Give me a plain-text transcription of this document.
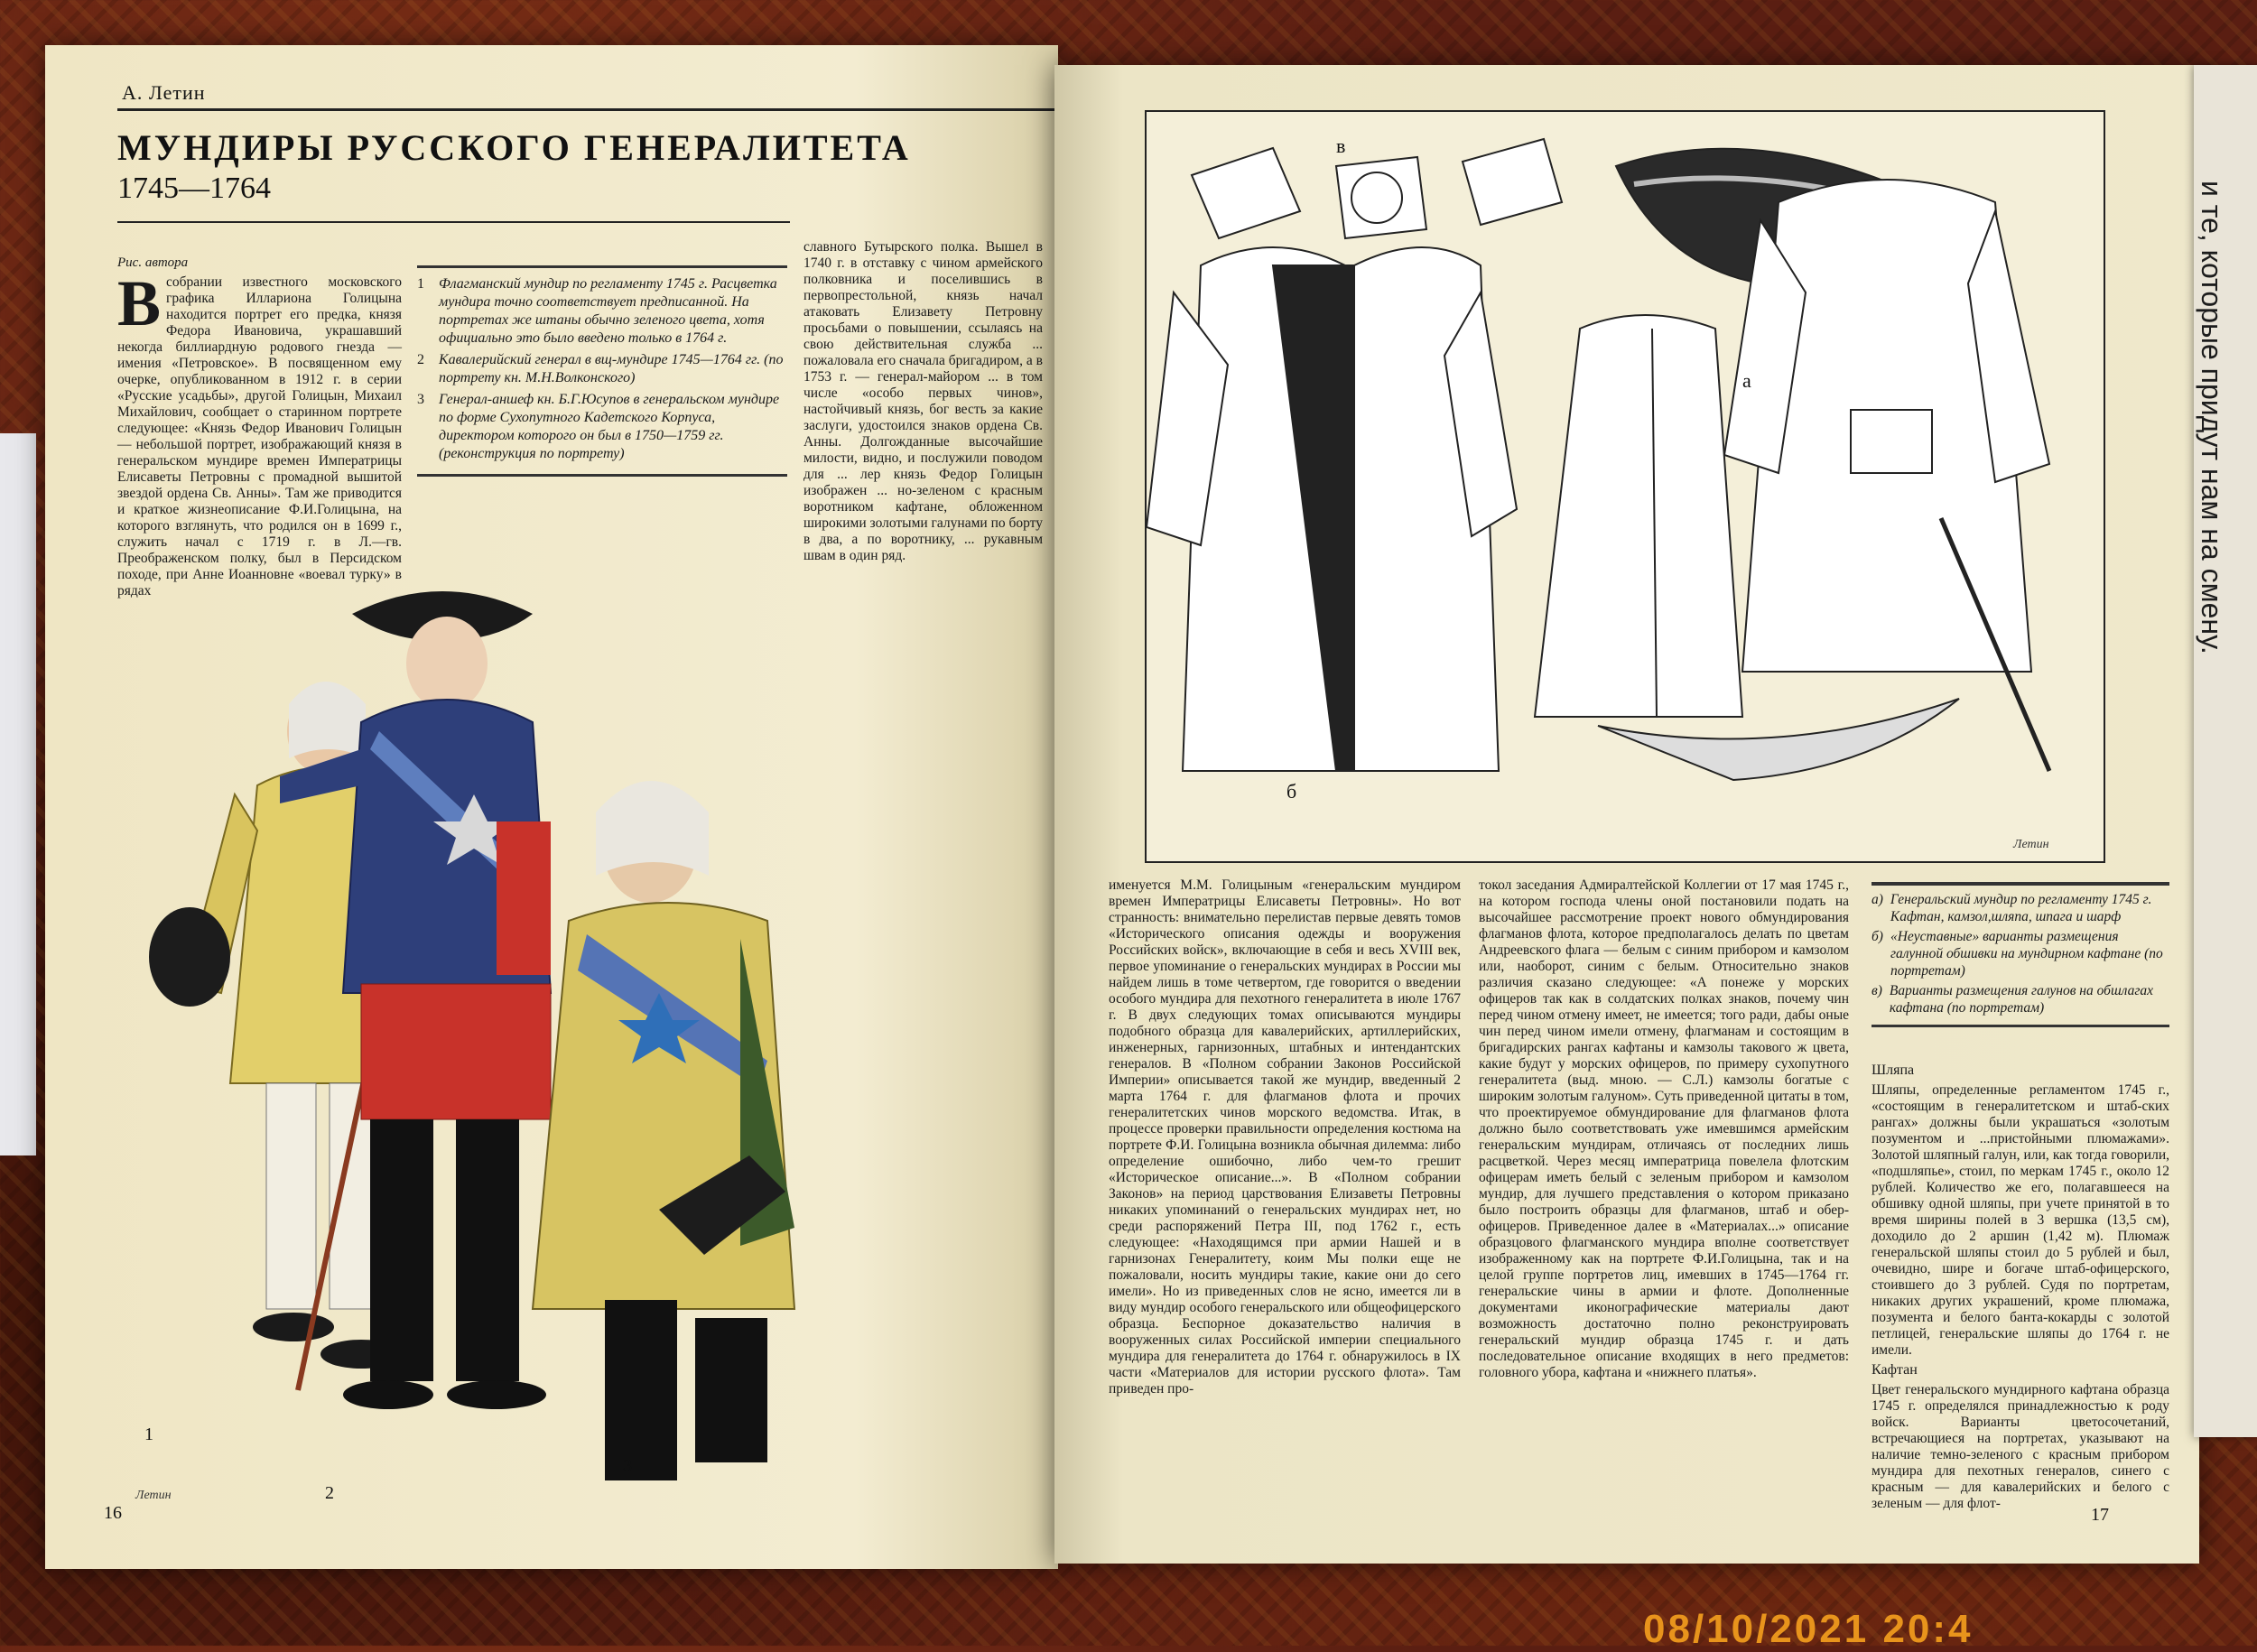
А. Летин
МУНДИРЫ РУССКОГО ГЕНЕРАЛИТЕТА
1745—1764

Рис. автора

Всобрании известного московского графика Иллариона Голицына находится портрет его предка, князя Федора Ивановича, украшавший некогда биллиардную родового гнезда — имения «Петровское». В посвященном ему очерке, опубликованном в 1912 г. в серии «Русские усадьбы», другой Голицын, Михаил Михайлович, сообщает о старинном портрете следующее: «Князь Федор Иванович Голицын — небольшой портрет, изображающий князя в генеральском мундире времен Императрицы Елисаветы Петровны с промадной вышитой звездой ордена Св. Анны». Там же приводится и краткое жизнеописание Ф.И.Голицына, на которого взглянуть, что родился он в 1699 г., служить начал с 1719 г. в Л.—гв. Преображенском полку, был в Персидском походе, при Анне Иоанновне «воевал турку» в рядах

1	Флагманский мундир по регламенту 1745 г. Расцветка мундира точно соответствует предписанной. На портретах же штаны обычно зеленого цвета, хотя официально это было введено только в 1764 г.
2	Кавалерийский генерал в вщ-мундире 1745—1764 гг. (по портрету кн. М.Н.Волконского)
3	Генерал-аншеф кн. Б.Г.Юсупов в генеральском мундире по форме Сухопутного Кадетского Корпуса, директором которого он был в 1750—1759 гг. (реконструкция по портрету)

славного Бутырского полка. Вышел в 1740 г. в отставку с чином армейского полковника и поселившись в первопрестольной, князь начал атаковать Елизавету Петровну просьбами о повышении, ссылаясь на свою действительная служба ... пожаловала его сначала бригадиром, а в 1753 г. — генерал-майором ... в том числе «особо первых чинов», настойчивый князь, бог весть за какие заслуги, удостоился знаков ордена Св. Анны. Долгожданные высочайшие милости, видно, и послужили поводом для ... лер князь Федор Голицын изображен ... но-зеленом с красным воротником кафтане, обложенном широкими золотыми галунами по борту в два, а по воротнику, ... рукавным швам в один ряд.

1
2
3
Летин
16
в
б
а
Летин

именуется М.М. Голицыным «генеральским мундиром времен Императрицы Елисаветы Петровны». Но вот странность: внимательно перелистав первые девять томов «Исторического описания одежды и вооружения Российских войск», включающие в себя и весь XVIII век, первое упоминание о генеральских мундирах в России мы найдем лишь в томе четвертом, где говорится о введении особого мундира для пехотного генералитета в июле 1767 г. В двух следующих томах описываются мундиры подобного образца для кавалерийских, артиллерийских, инженерных, гарнизонных, штабных и интендантских генералов. В «Полном собрании Законов Российской Империи» описывается такой же мундир, введенный 2 марта 1764 г. для флагманов флота и прочих генералитетских чинов морского ведомства. Итак, в процессе проверки правильности определения костюма на портрете Ф.И. Голицына возникла обычная дилемма: либо определение ошибочно, либо чем-то грешит «Историческое описание...». В «Полном собрании Законов» на период царствования Елизаветы Петровны никаких упоминаний о генеральских мундирах нет, но среди распоряжений Петра III, под 1762 г., есть следующее: «Находящимся при армии Нашей и в гарнизонах Генералитету, коим Мы полки еще не пожаловали, носить мундиры такие, какие они до сего имели». Но из приведенных слов не ясно, имеется ли в виду мундир особого генеральского или общеофицерского образца. Беспорное доказательство наличия в вооруженных силах Российской империи специального мундира для генералитета до 1764 г. обнаружилось в IX части «Материалов для истории русского флота». Там приведен про-

токол заседания Адмиралтейской Коллегии от 17 мая 1745 г., на котором господа члены оной постановили подать на высочайшее рассмотрение проект нового обмундирования флагманов флота, которое предполагалось делать по цветам Андреевского флага — белым с синим прибором и камзолом или, наоборот, синим с белым. Относительно знаков различия сказано следующее: «А понеже у морских офицеров так как в солдатских полках знаков, почему чин перед чином отмену имеет, не имеется; того ради, дабы оные чин перед чином имели отмену, флагманам и состоящим в бригадирских рангах кафтаны и камзолы такового ж цвета, какие будут у морских офицеров, по примеру сухопутного генералитета (выд. мною. — С.Л.) камзолы богатые с широким золотым галуном». Суть приведенной цитаты в том, что проектируемое обмундирование для флагманов флота должно было соответствовать уже имевшимся армейским генеральским мундирам, отличаясь от последних лишь расцветкой. Через месяц императрица повелела флотским офицерам иметь белый с зеленым прибором и камзолом мундир, для лучшего представления о котором приказано было построить образцы для флагманов, штаб и обер-офицеров. Приведенное далее в «Материалах...» описание образцового флагманского мундира вполне соответствует изображенному как на портрете Ф.И.Голицына, так и на целой группе портретов лиц, имевших в 1745—1764 гг. генеральские чины в армии и флоте. Дополненные документами иконографические материалы дают возможность достаточно полно реконструировать генеральский мундир образца 1745 г. и дать последовательное описание входящих в него предметов: головного убора, кафтана и «нижнего платья».

а) Генеральский мундир по регламенту 1745 г. Кафтан, камзол,шляпа, шпага и шарф
б) «Неуставные» варианты размещения галунной обшивки на мундирном кафтане (по портретам)
в) Варианты размещения галунов на обшлагах кафтана (по портретам)

Шляпа

Шляпы, определенные регламентом 1745 г., «состоящим в генералитетском и штаб-ских рангах» должны были украшаться «золотым позументом и ...пристойными плюмажами». Золотой шляпный галун, или, как тогда говорили, «подшляпье», стоил, по меркам 1745 г., около 12 рублей. Количество же его, полагавшееся на обшивку одной шляпы, при учете принятой в то время ширины полей в 3 вершка (13,5 см), доходило до 2 аршин (1,42 м). Плюмаж генеральской шляпы стоил до 5 рублей и был, очевидно, шире и богаче штаб-офицерского, стоившего до 3 рублей. Судя по портретам, никаких других украшений, кроме плюмажа, позумента и белого банта-кокарды с золотой петлицей, генеральские шляпы до 1764 г. не имели.

Кафтан

Цвет генеральского мундирного кафтана образца 1745 г. определялся принадлежностью к роду войск. Варианты цветосочетаний, встречающиеся на портретах, указывают на наличие темно-зеленого с красным прибором мундира для пехотных генералов, синего с красным — для кавалерийских и белого с зеленым — для флот-

17
и те, которые придут нам на смену.
08/10/2021 20:4
